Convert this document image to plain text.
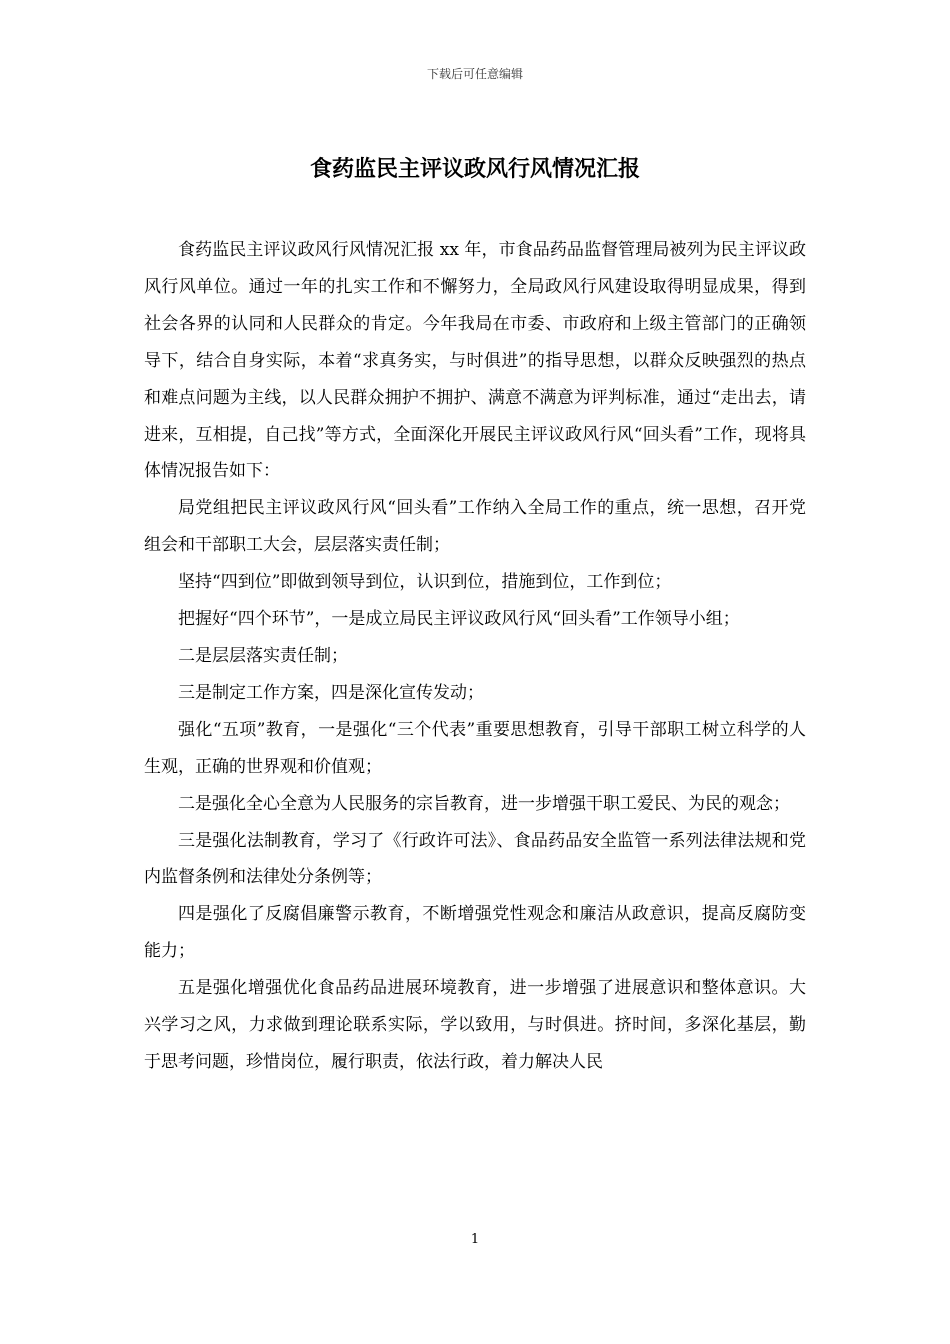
下载后可任意编辑
食药监民主评议政风行风情况汇报

食药监民主评议政风行风情况汇报 xx 年，市食品药品监督管理局被列为民主评议政风行风单位。通过一年的扎实工作和不懈努力，全局政风行风建设取得明显成果，得到社会各界的认同和人民群众的肯定。今年我局在市委、市政府和上级主管部门的正确领导下，结合自身实际，本着“求真务实，与时俱进”的指导思想，以群众反映强烈的热点和难点问题为主线，以人民群众拥护不拥护、满意不满意为评判标准，通过“走出去，请进来，互相提，自己找”等方式，全面深化开展民主评议政风行风“回头看”工作，现将具体情况报告如下：

局党组把民主评议政风行风“回头看”工作纳入全局工作的重点，统一思想，召开党组会和干部职工大会，层层落实责任制；

坚持“四到位”即做到领导到位，认识到位，措施到位，工作到位；

把握好“四个环节”，一是成立局民主评议政风行风“回头看”工作领导小组；

二是层层落实责任制；

三是制定工作方案，四是深化宣传发动；

强化“五项”教育，一是强化“三个代表”重要思想教育，引导干部职工树立科学的人生观，正确的世界观和价值观；

二是强化全心全意为人民服务的宗旨教育，进一步增强干职工爱民、为民的观念；

三是强化法制教育，学习了《行政许可法》、食品药品安全监管一系列法律法规和党内监督条例和法律处分条例等；

四是强化了反腐倡廉警示教育，不断增强党性观念和廉洁从政意识，提高反腐防变能力；

五是强化增强优化食品药品进展环境教育，进一步增强了进展意识和整体意识。大兴学习之风，力求做到理论联系实际，学以致用，与时俱进。挤时间，多深化基层，勤于思考问题，珍惜岗位，履行职责，依法行政，着力解决人民

1
